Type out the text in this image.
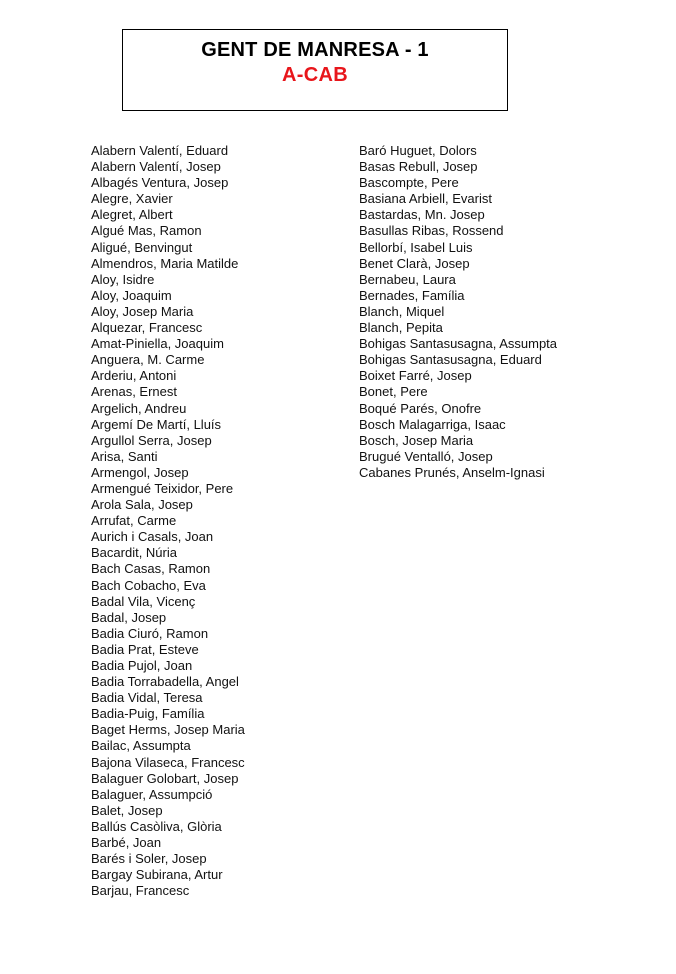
GENT DE MANRESA - 1
A-CAB
Alabern Valentí, Eduard
Alabern Valentí, Josep
Albagés Ventura, Josep
Alegre, Xavier
Alegret, Albert
Algué Mas, Ramon
Aligué, Benvingut
Almendros, Maria Matilde
Aloy, Isidre
Aloy, Joaquim
Aloy, Josep Maria
Alquezar, Francesc
Amat-Piniella, Joaquim
Anguera, M. Carme
Arderiu, Antoni
Arenas, Ernest
Argelich, Andreu
Argemí De Martí, Lluís
Argullol Serra, Josep
Arisa, Santi
Armengol, Josep
Armengué Teixidor, Pere
Arola Sala, Josep
Arrufat, Carme
Aurich i Casals, Joan
Bacardit, Núria
Bach Casas, Ramon
Bach Cobacho, Eva
Badal Vila, Vicenç
Badal, Josep
Badia Ciuró, Ramon
Badia Prat, Esteve
Badia Pujol, Joan
Badia Torrabadella, Angel
Badia Vidal, Teresa
Badia-Puig, Família
Baget Herms, Josep Maria
Bailac, Assumpta
Bajona Vilaseca, Francesc
Balaguer Golobart, Josep
Balaguer, Assumpció
Balet, Josep
Ballús Casòliva, Glòria
Barbé, Joan
Barés i Soler, Josep
Bargay Subirana, Artur
Barjau, Francesc
Baró Huguet, Dolors
Basas Rebull, Josep
Bascompte, Pere
Basiana Arbiell, Evarist
Bastardas, Mn. Josep
Basullas Ribas, Rossend
Bellorbí, Isabel Luis
Benet Clarà, Josep
Bernabeu, Laura
Bernades, Família
Blanch, Miquel
Blanch, Pepita
Bohigas Santasusagna, Assumpta
Bohigas Santasusagna, Eduard
Boixet Farré, Josep
Bonet, Pere
Boqué Parés, Onofre
Bosch Malagarriga, Isaac
Bosch, Josep Maria
Brugué Ventalló, Josep
Cabanes Prunés, Anselm-Ignasi
